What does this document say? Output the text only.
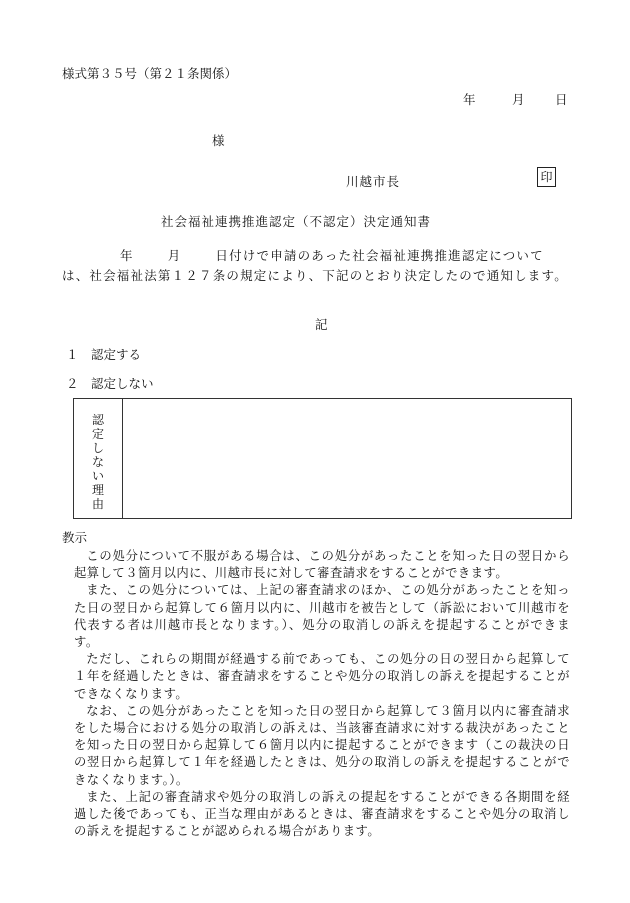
様式第３５号（第２１条関係）
年	月 日
様
川越市長	印
社会福祉連携推進認定（不認定）決定通知書
年	月	日付けで申請のあった社会福祉連携推進認定については、社会福祉法第１２７条の規定により、下記のとおり決定したので通知します。
記
１　認定する
２　認定しない
認定しない理由
教示

この処分について不服がある場合は、この処分があったことを知った日の翌日から起算して３箇月以内に、川越市長に対して審査請求をすることができます。

また、この処分については、上記の審査請求のほか、この処分があったことを知った日の翌日から起算して６箇月以内に、川越市を被告として（訴訟において川越市を代表する者は川越市長となります。）、処分の取消しの訴えを提起することができます。

ただし、これらの期間が経過する前であっても、この処分の日の翌日から起算して１年を経過したときは、審査請求をすることや処分の取消しの訴えを提起することができなくなります。

なお、この処分があったことを知った日の翌日から起算して３箇月以内に審査請求をした場合における処分の取消しの訴えは、当該審査請求に対する裁決があったことを知った日の翌日から起算して６箇月以内に提起することができます（この裁決の日の翌日から起算して１年を経過したときは、処分の取消しの訴えを提起することができなくなります。）。

また、上記の審査請求や処分の取消しの訴えの提起をすることができる各期間を経過した後であっても、正当な理由があるときは、審査請求をすることや処分の取消しの訴えを提起することが認められる場合があります。
